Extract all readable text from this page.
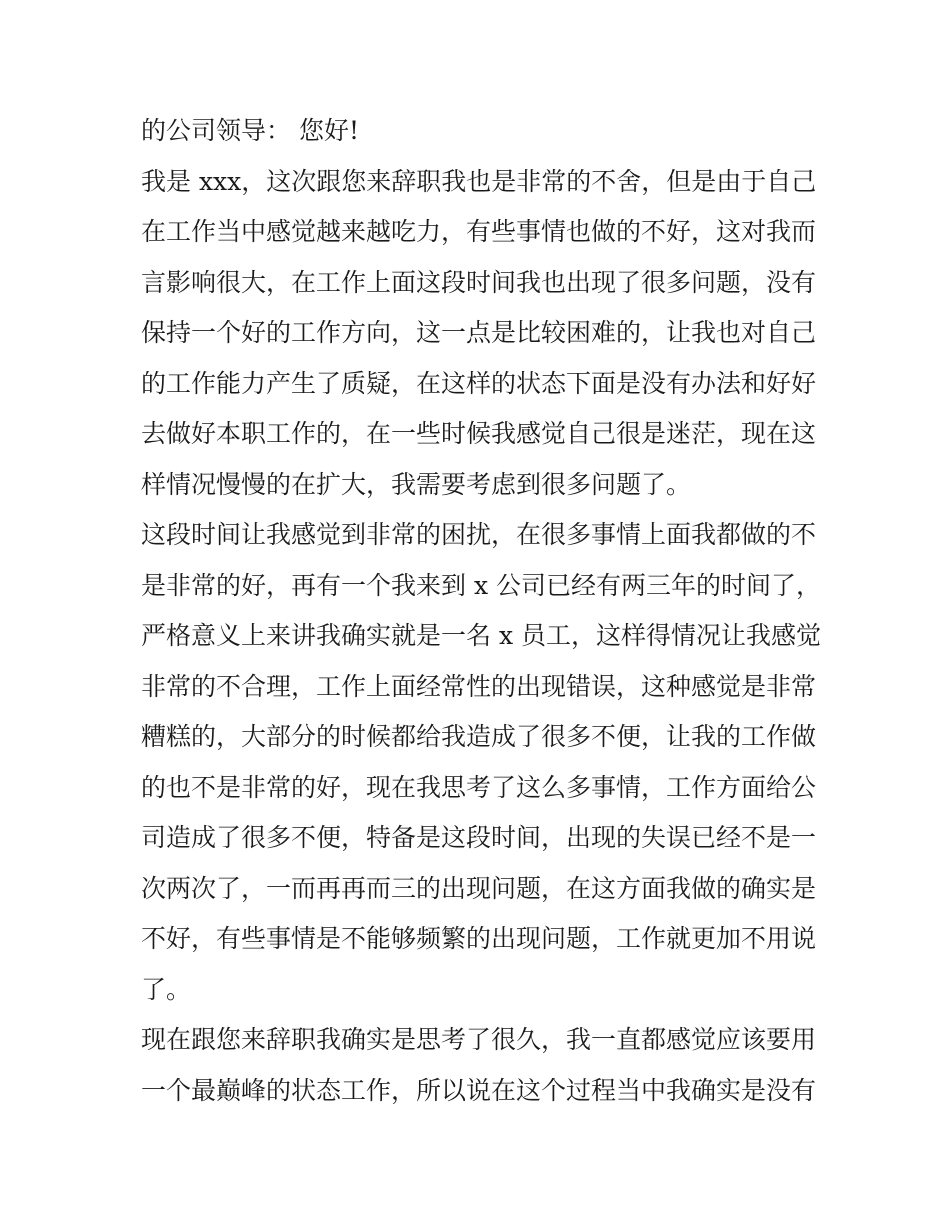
的公司领导： 您好!
我是 xxx，这次跟您来辞职我也是非常的不舍，但是由于自己
在工作当中感觉越来越吃力，有些事情也做的不好，这对我而
言影响很大，在工作上面这段时间我也出现了很多问题，没有
保持一个好的工作方向，这一点是比较困难的，让我也对自己
的工作能力产生了质疑，在这样的状态下面是没有办法和好好
去做好本职工作的，在一些时候我感觉自己很是迷茫，现在这
样情况慢慢的在扩大，我需要考虑到很多问题了。
这段时间让我感觉到非常的困扰，在很多事情上面我都做的不
是非常的好，再有一个我来到 x 公司已经有两三年的时间了，
严格意义上来讲我确实就是一名 x 员工，这样得情况让我感觉
非常的不合理，工作上面经常性的出现错误，这种感觉是非常
糟糕的，大部分的时候都给我造成了很多不便，让我的工作做
的也不是非常的好，现在我思考了这么多事情，工作方面给公
司造成了很多不便，特备是这段时间，出现的失误已经不是一
次两次了，一而再再而三的出现问题，在这方面我做的确实是
不好，有些事情是不能够频繁的出现问题，工作就更加不用说
了。
现在跟您来辞职我确实是思考了很久，我一直都感觉应该要用
一个最巅峰的状态工作，所以说在这个过程当中我确实是没有
